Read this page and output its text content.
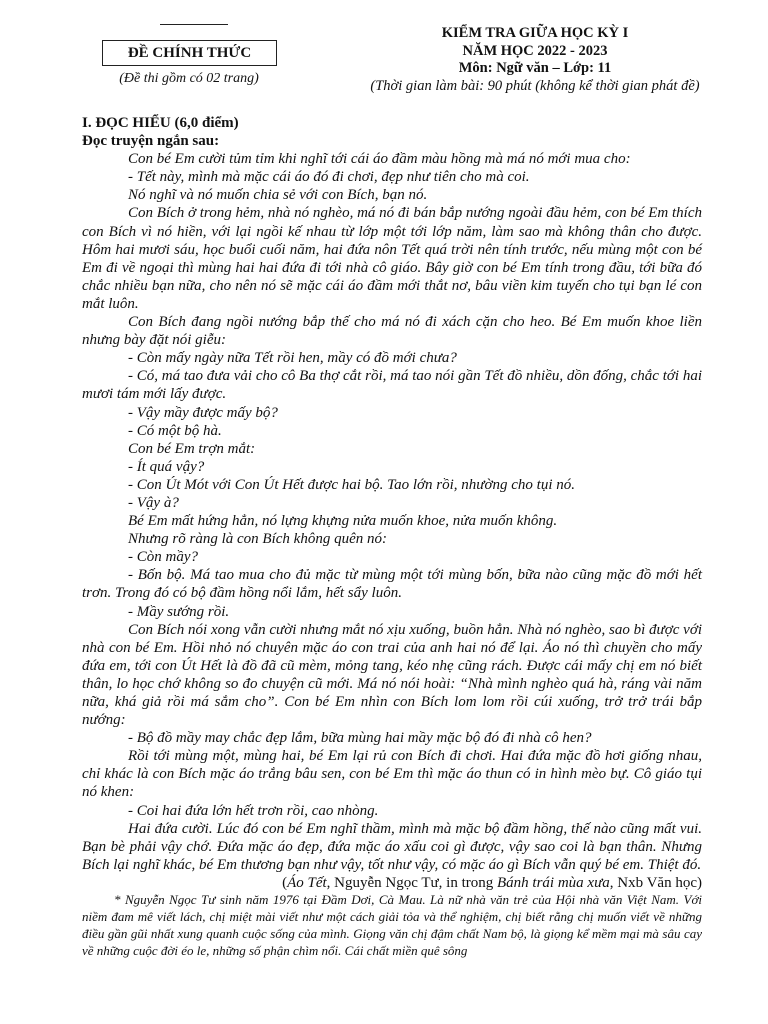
ĐỀ CHÍNH THỨC
(Đề thi gồm có 02 trang)
KIỂM TRA GIỮA HỌC KỲ I
NĂM HỌC 2022 - 2023
Môn: Ngữ văn – Lớp: 11
(Thời gian làm bài: 90 phút (không kể thời gian phát đề)

I. ĐỌC HIỂU (6,0 điểm)

Đọc truyện ngắn sau:

Con bé Em cười tủm tỉm khi nghĩ tới cái áo đầm màu hồng mà má nó mới mua cho:

- Tết này, mình mà mặc cái áo đó đi chơi, đẹp như tiên cho mà coi.

Nó nghĩ và nó muốn chia sẻ với con Bích, bạn nó.

Con Bích ở trong hẻm, nhà nó nghèo, má nó đi bán bắp nướng ngoài đầu hẻm, con bé Em thích con Bích vì nó hiền, với lại ngồi kế nhau từ lớp một tới lớp năm, làm sao mà không thân cho được. Hôm hai mươi sáu, học buổi cuối năm, hai đứa nôn Tết quá trời nên tính trước, nếu mùng một con bé Em đi về ngoại thì mùng hai hai đứa đi tới nhà cô giáo. Bây giờ con bé Em tính trong đầu, tới bữa đó chắc nhiều bạn nữa, cho nên nó sẽ mặc cái áo đầm mới thắt nơ, bâu viền kim tuyến cho tụi bạn lé con mắt luôn.

Con Bích đang ngồi nướng bắp thế cho má nó đi xách cặn cho heo. Bé Em muốn khoe liền nhưng bày đặt nói giễu:

- Còn mấy ngày nữa Tết rồi hen, mầy có đồ mới chưa?

- Có, má tao đưa vải cho cô Ba thợ cắt rồi, má tao nói gần Tết đồ nhiều, dồn đống, chắc tới hai mươi tám mới lấy được.

- Vậy mầy được mấy bộ?

- Có một bộ hà.

Con bé Em trợn mắt:

- Ít quá vậy?

- Con Út Mót với Con Út Hết được hai bộ. Tao lớn rồi, nhường cho tụi nó.

- Vậy à?

Bé Em mất hứng hẳn, nó lựng khựng nửa muốn khoe, nửa muốn không.

Nhưng rõ ràng là con Bích không quên nó:

- Còn mầy?

- Bốn bộ. Má tao mua cho đủ mặc từ mùng một tới mùng bốn, bữa nào cũng mặc đồ mới hết trơn. Trong đó có bộ đầm hồng nổi lắm, hết sẩy luôn.

- Mầy sướng rồi.

Con Bích nói xong vẫn cười nhưng mắt nó xịu xuống, buồn hẳn. Nhà nó nghèo, sao bì được với nhà con bé Em. Hồi nhỏ nó chuyên mặc áo con trai của anh hai nó để lại. Áo nó thì chuyền cho mấy đứa em, tới con Út Hết là đồ đã cũ mèm, mỏng tang, kéo nhẹ cũng rách. Được cái mấy chị em nó biết thân, lo học chớ không so đo chuyện cũ mới. Má nó nói hoài: “Nhà mình nghèo quá hà, ráng vài năm nữa, khá giả rồi má sắm cho”. Con bé Em nhìn con Bích lom lom rồi cúi xuống, trở trở trái bắp nướng:

- Bộ đồ mầy may chắc đẹp lắm, bữa mùng hai mầy mặc bộ đó đi nhà cô hen?

Rồi tới mùng một, mùng hai, bé Em lại rủ con Bích đi chơi. Hai đứa mặc đồ hơi giống nhau, chỉ khác là con Bích mặc áo trắng bâu sen, con bé Em thì mặc áo thun có in hình mèo bự. Cô giáo tụi nó khen:

- Coi hai đứa lớn hết trơn rồi, cao nhòng.

Hai đứa cười. Lúc đó con bé Em nghĩ thầm, mình mà mặc bộ đầm hồng, thế nào cũng mất vui. Bạn bè phải vậy chớ. Đứa mặc áo đẹp, đứa mặc áo xấu coi gì được, vậy sao coi là bạn thân. Nhưng Bích lại nghĩ khác, bé Em thương bạn như vậy, tốt như vậy, có mặc áo gì Bích vẫn quý bé em. Thiệt đó.

(Áo Tết, Nguyễn Ngọc Tư, in trong Bánh trái mùa xưa, Nxb Văn học)

* Nguyễn Ngọc Tư sinh năm 1976 tại Đầm Dơi, Cà Mau. Là nữ nhà văn trẻ của Hội nhà văn Việt Nam. Với niềm đam mê viết lách, chị miệt mài viết như một cách giải tỏa và thể nghiệm, chị biết rằng chị muốn viết về những điều gần gũi nhất xung quanh cuộc sống của mình. Giọng văn chị đậm chất Nam bộ, là giọng kể mềm mại mà sâu cay về những cuộc đời éo le, những số phận chìm nổi. Cái chất miền quê sông
